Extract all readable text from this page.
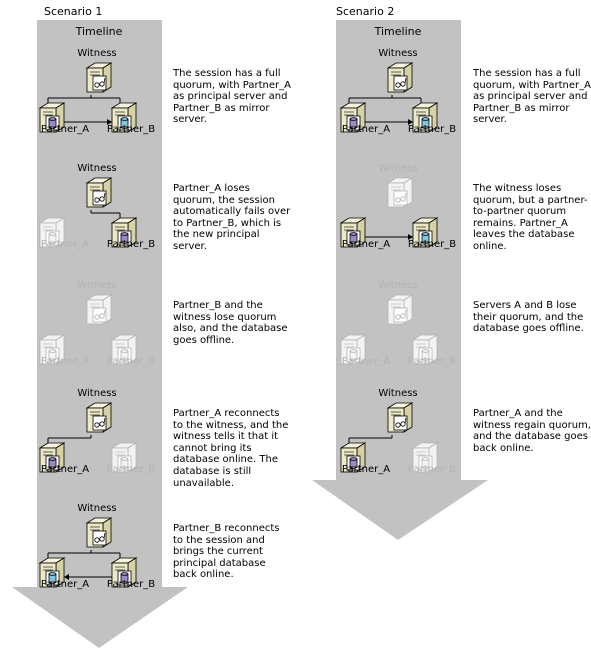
Scenario 1	Scenario 2
Timeline	Timeline
Witness
Partner_A	Partner_B
The session has a full quorum, with Partner_A as principal server and Partner_B as mirror server.
Witness
Partner_A	Partner_B
Partner_A loses quorum, the session automatically fails over to Partner_B, which is the new principal server.
Witness
Partner_A	Partner_B
Partner_B and the witness lose quorum also, and the database goes offline.
Witness
Partner_A	Partner_B
Partner_A reconnects to the witness, and the witness tells it that it cannot bring its database online. The database is still unavailable.
Witness
Partner_A	Partner_B
Partner_B reconnects to the session and brings the current principal database back online.
Witness
Partner_A	Partner_B
The session has a full quorum, with Partner_A as principal server and Partner_B as mirror server.
Witness
Partner_A	Partner_B
The witness loses quorum, but a partner-to-partner quorum remains. Partner_A leaves the database online.
Witness
Partner_A	Partner_B
Servers A and B lose their quorum, and the database goes offline.
Witness
Partner_A	Partner_B
Partner_A and the witness regain quorum, and the database goes back online.
